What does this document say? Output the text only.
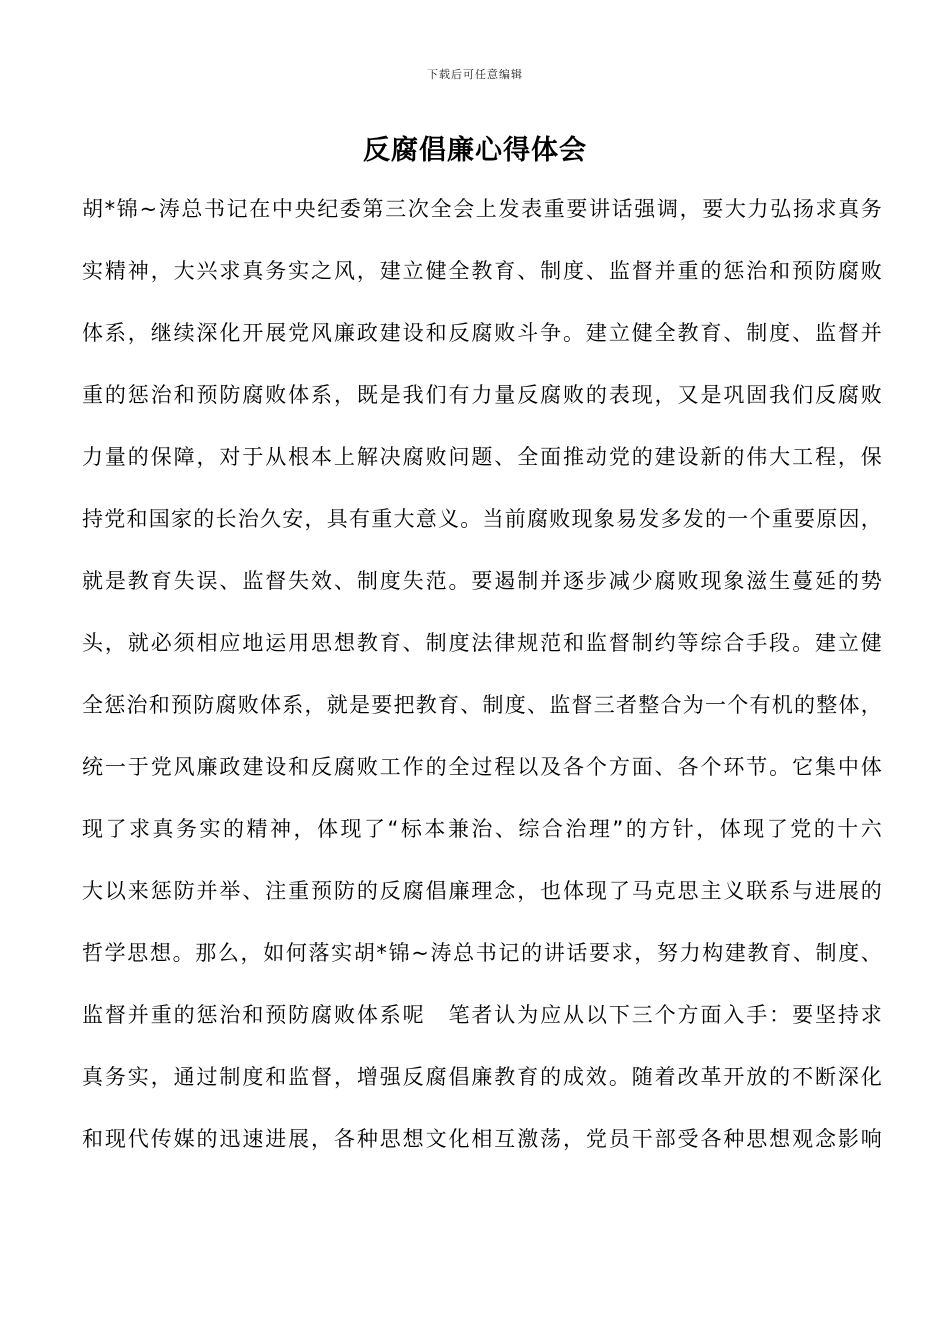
下载后可任意编辑
反腐倡廉心得体会
胡*锦~涛总书记在中央纪委第三次全会上发表重要讲话强调，要大力弘扬求真务
实精神，大兴求真务实之风，建立健全教育、制度、监督并重的惩治和预防腐败
体系，继续深化开展党风廉政建设和反腐败斗争。建立健全教育、制度、监督并
重的惩治和预防腐败体系，既是我们有力量反腐败的表现，又是巩固我们反腐败
力量的保障，对于从根本上解决腐败问题、全面推动党的建设新的伟大工程，保
持党和国家的长治久安，具有重大意义。当前腐败现象易发多发的一个重要原因，
就是教育失误、监督失效、制度失范。要遏制并逐步减少腐败现象滋生蔓延的势
头，就必须相应地运用思想教育、制度法律规范和监督制约等综合手段。建立健
全惩治和预防腐败体系，就是要把教育、制度、监督三者整合为一个有机的整体，
统一于党风廉政建设和反腐败工作的全过程以及各个方面、各个环节。它集中体
现了求真务实的精神，体现了“标本兼治、综合治理”的方针，体现了党的十六
大以来惩防并举、注重预防的反腐倡廉理念，也体现了马克思主义联系与进展的
哲学思想。那么，如何落实胡*锦~涛总书记的讲话要求，努力构建教育、制度、
监督并重的惩治和预防腐败体系呢　笔者认为应从以下三个方面入手：要坚持求
真务实，通过制度和监督，增强反腐倡廉教育的成效。随着改革开放的不断深化
和现代传媒的迅速进展，各种思想文化相互激荡，党员干部受各种思想观念影响
